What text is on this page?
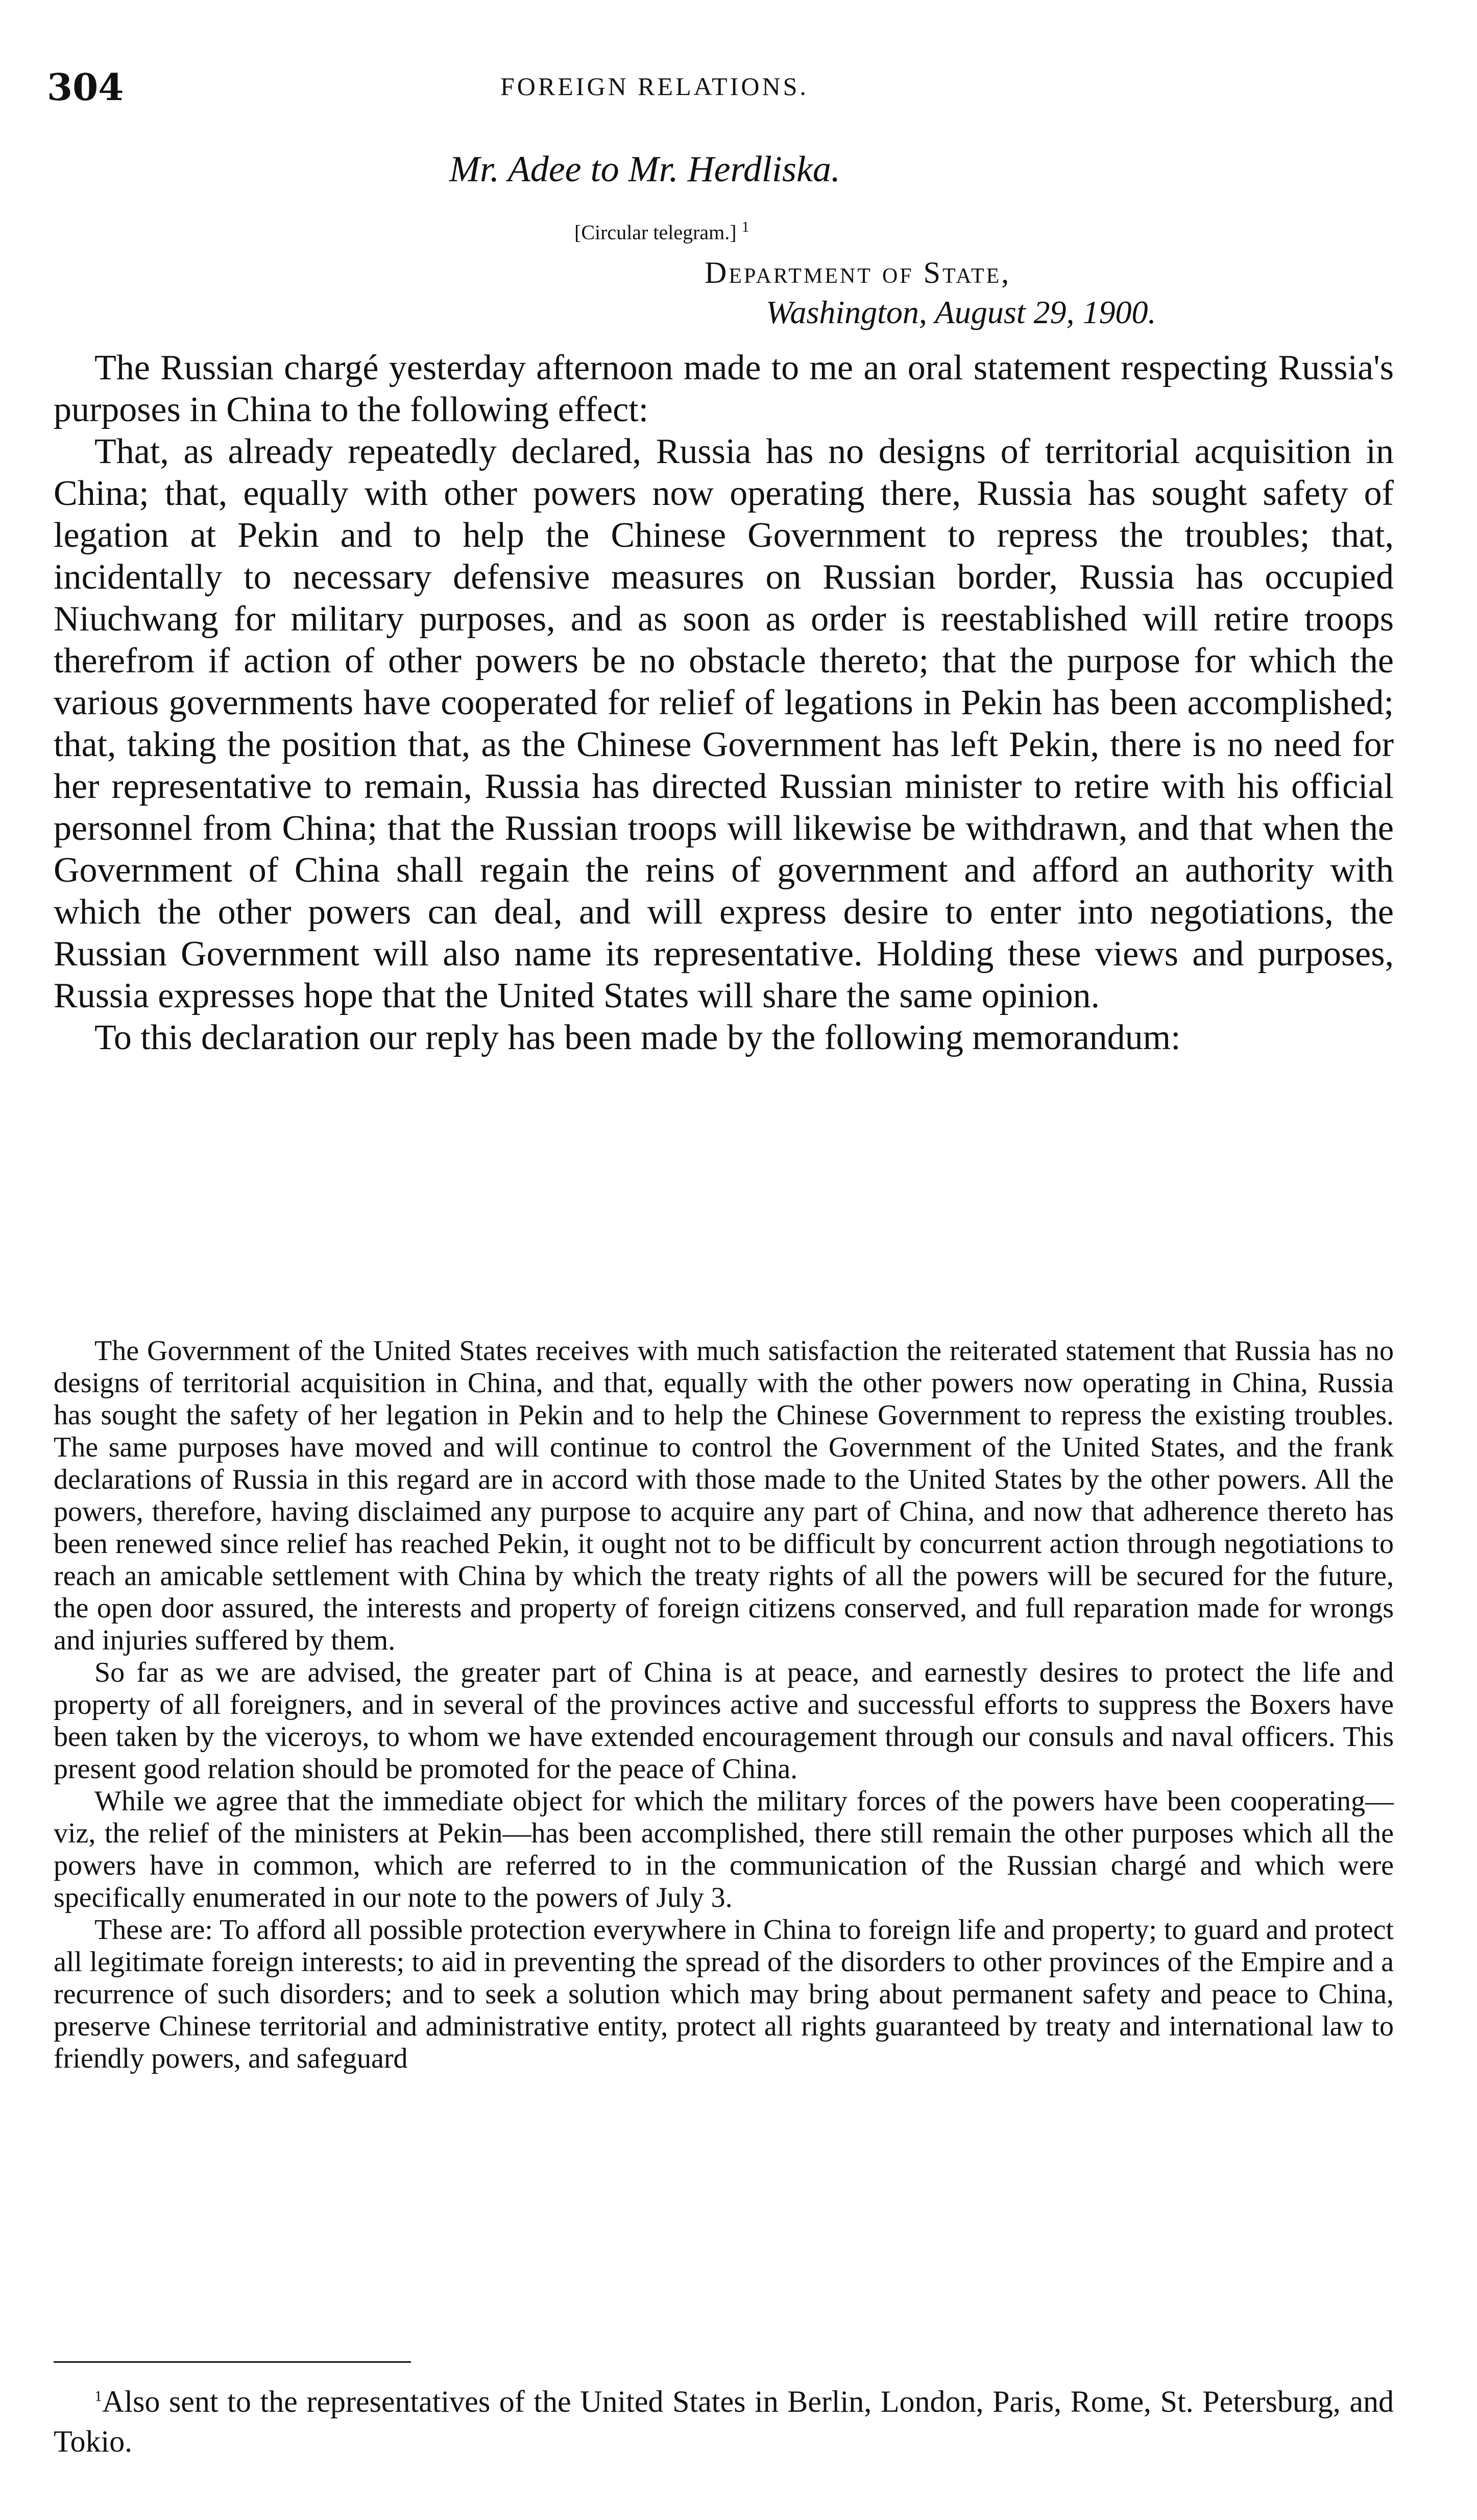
304	FOREIGN RELATIONS.
Mr. Adee to Mr. Herdliska.
[Circular telegram.] $^1$
Department of State,
Washington, August 29, 1900.

The Russian chargé yesterday afternoon made to me an oral statement respecting Russia's purposes in China to the following effect:

That, as already repeatedly declared, Russia has no designs of territorial acquisition in China; that, equally with other powers now operating there, Russia has sought safety of legation at Pekin and to help the Chinese Government to repress the troubles; that, incidentally to necessary defensive measures on Russian border, Russia has occupied Niuchwang for military purposes, and as soon as order is reestablished will retire troops therefrom if action of other powers be no obstacle thereto; that the purpose for which the various governments have cooperated for relief of legations in Pekin has been accomplished; that, taking the position that, as the Chinese Government has left Pekin, there is no need for her representative to remain, Russia has directed Russian minister to retire with his official personnel from China; that the Russian troops will likewise be withdrawn, and that when the Government of China shall regain the reins of government and afford an authority with which the other powers can deal, and will express desire to enter into negotiations, the Russian Government will also name its representative. Holding these views and purposes, Russia expresses hope that the United States will share the same opinion.

To this declaration our reply has been made by the following memorandum:

The Government of the United States receives with much satisfaction the reiterated statement that Russia has no designs of territorial acquisition in China, and that, equally with the other powers now operating in China, Russia has sought the safety of her legation in Pekin and to help the Chinese Government to repress the existing troubles. The same purposes have moved and will continue to control the Government of the United States, and the frank declarations of Russia in this regard are in accord with those made to the United States by the other powers. All the powers, therefore, having disclaimed any purpose to acquire any part of China, and now that adherence thereto has been renewed since relief has reached Pekin, it ought not to be difficult by concurrent action through negotiations to reach an amicable settlement with China by which the treaty rights of all the powers will be secured for the future, the open door assured, the interests and property of foreign citizens conserved, and full reparation made for wrongs and injuries suffered by them.

So far as we are advised, the greater part of China is at peace, and earnestly desires to protect the life and property of all foreigners, and in several of the provinces active and successful efforts to suppress the Boxers have been taken by the viceroys, to whom we have extended encouragement through our consuls and naval officers. This present good relation should be promoted for the peace of China.

While we agree that the immediate object for which the military forces of the powers have been cooperating—viz, the relief of the ministers at Pekin—has been accomplished, there still remain the other purposes which all the powers have in common, which are referred to in the communication of the Russian chargé and which were specifically enumerated in our note to the powers of July 3.

These are: To afford all possible protection everywhere in China to foreign life and property; to guard and protect all legitimate foreign interests; to aid in preventing the spread of the disorders to other provinces of the Empire and a recurrence of such disorders; and to seek a solution which may bring about permanent safety and peace to China, preserve Chinese territorial and administrative entity, protect all rights guaranteed by treaty and international law to friendly powers, and safeguard

$^1$Also sent to the representatives of the United States in Berlin, London, Paris, Rome, St. Petersburg, and Tokio.
